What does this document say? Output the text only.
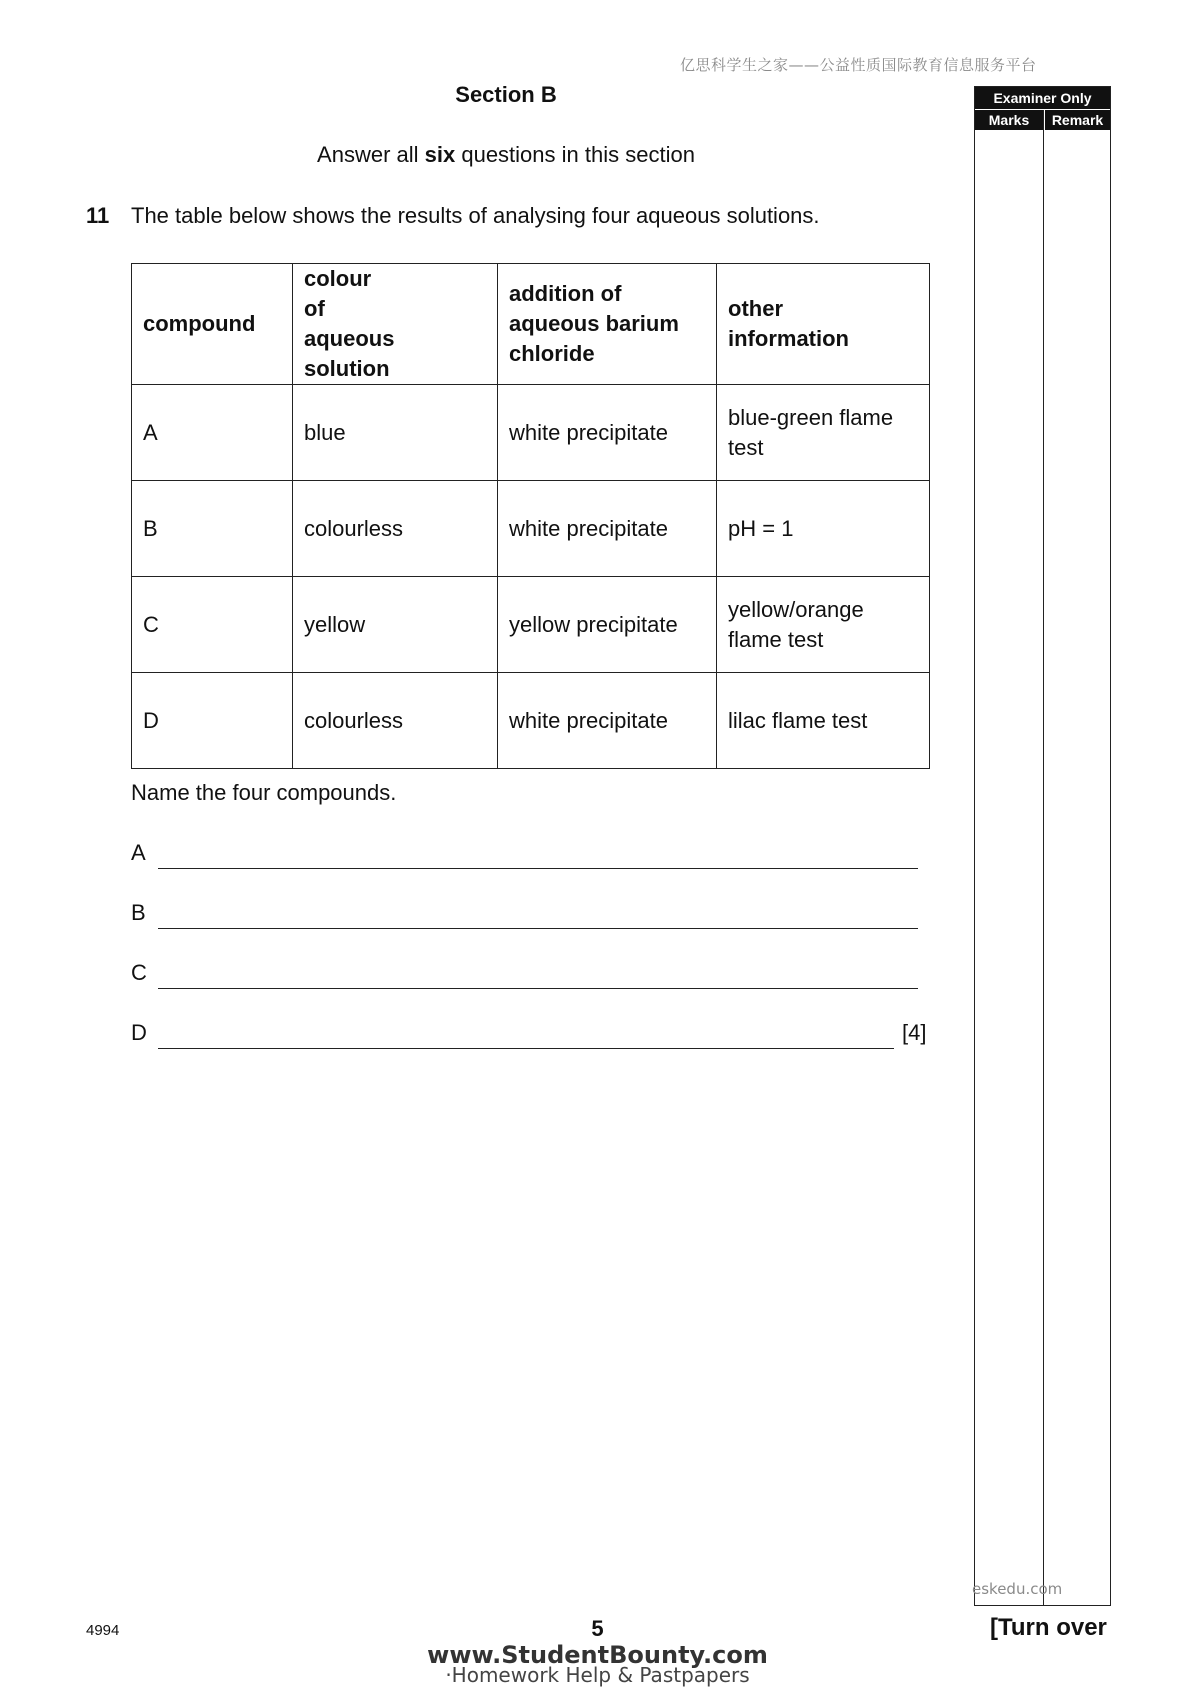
亿思科学生之家——公益性质国际教育信息服务平台
Section B
Answer all six questions in this section
11 The table below shows the results of analysing four aqueous solutions.
compound	colour of aqueous solution	addition of aqueous barium chloride	other information
A	blue	white precipitate	blue-green flame test
B	colourless	white precipitate	pH = 1
C	yellow	yellow precipitate	yellow/orange flame test
D	colourless	white precipitate	lilac flame test
Name the four compounds.
A
B
C
D	[4]
Examiner Only
Marks	Remark
eskedu.com
4994	5	[Turn over
www.StudentBounty.com
·Homework Help & Pastpapers
